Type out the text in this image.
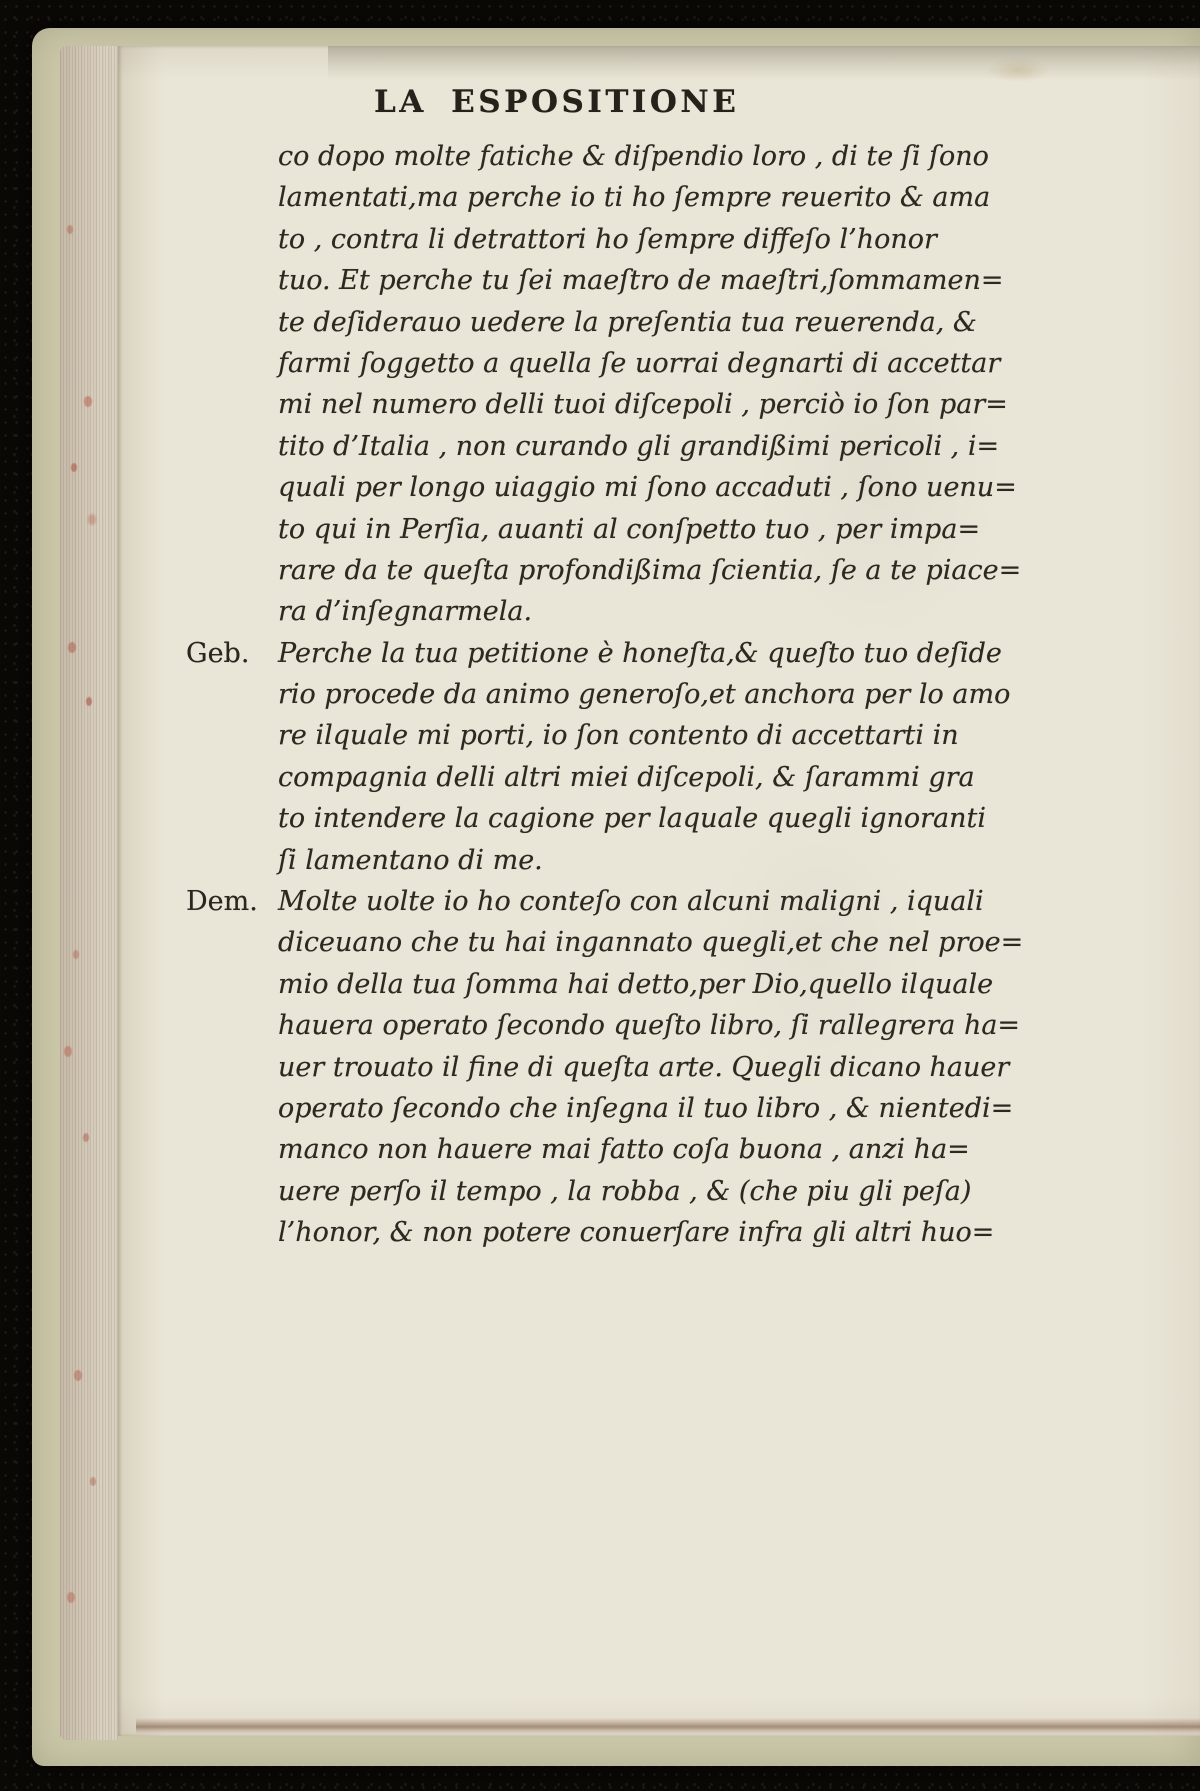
LA ESPOSITIONE
co dopo molte fatiche & diſpendio loro , di te ſi ſono
lamentati,ma perche io ti ho ſempre reuerito & ama
to , contra li detrattori ho ſempre diffeſo l’honor
tuo. Et perche tu ſei maeſtro de maeſtri,ſommamen=
te deſiderauo uedere la preſentia tua reuerenda, &
farmi ſoggetto a quella ſe uorrai degnarti di accettar
mi nel numero delli tuoi diſcepoli , perciò io ſon par=
tito d’Italia , non curando gli grandißimi pericoli , i=
quali per longo uiaggio mi ſono accaduti , ſono uenu=
to qui in Perſia, auanti al conſpetto tuo , per impa=
rare da te queſta profondißima ſcientia, ſe a te piace=
ra d’inſegnarmela.
Geb. Perche la tua petitione è honeſta,& queſto tuo deſide
rio procede da animo generoſo,et anchora per lo amo
re ilquale mi porti, io ſon contento di accettarti in
compagnia delli altri miei diſcepoli, & ſarammi gra
to intendere la cagione per laquale quegli ignoranti
ſi lamentano di me.
Dem. Molte uolte io ho conteſo con alcuni maligni , iquali
diceuano che tu hai ingannato quegli,et che nel proe=
mio della tua ſomma hai detto,per Dio,quello ilquale
hauera operato ſecondo queſto libro, ſi rallegrera ha=
uer trouato il fine di queſta arte. Quegli dicano hauer
operato ſecondo che inſegna il tuo libro , & nientedi=
manco non hauere mai fatto coſa buona , anzi ha=
uere perſo il tempo , la robba , & (che piu gli peſa)
l’honor, & non potere conuerſare infra gli altri huo=
